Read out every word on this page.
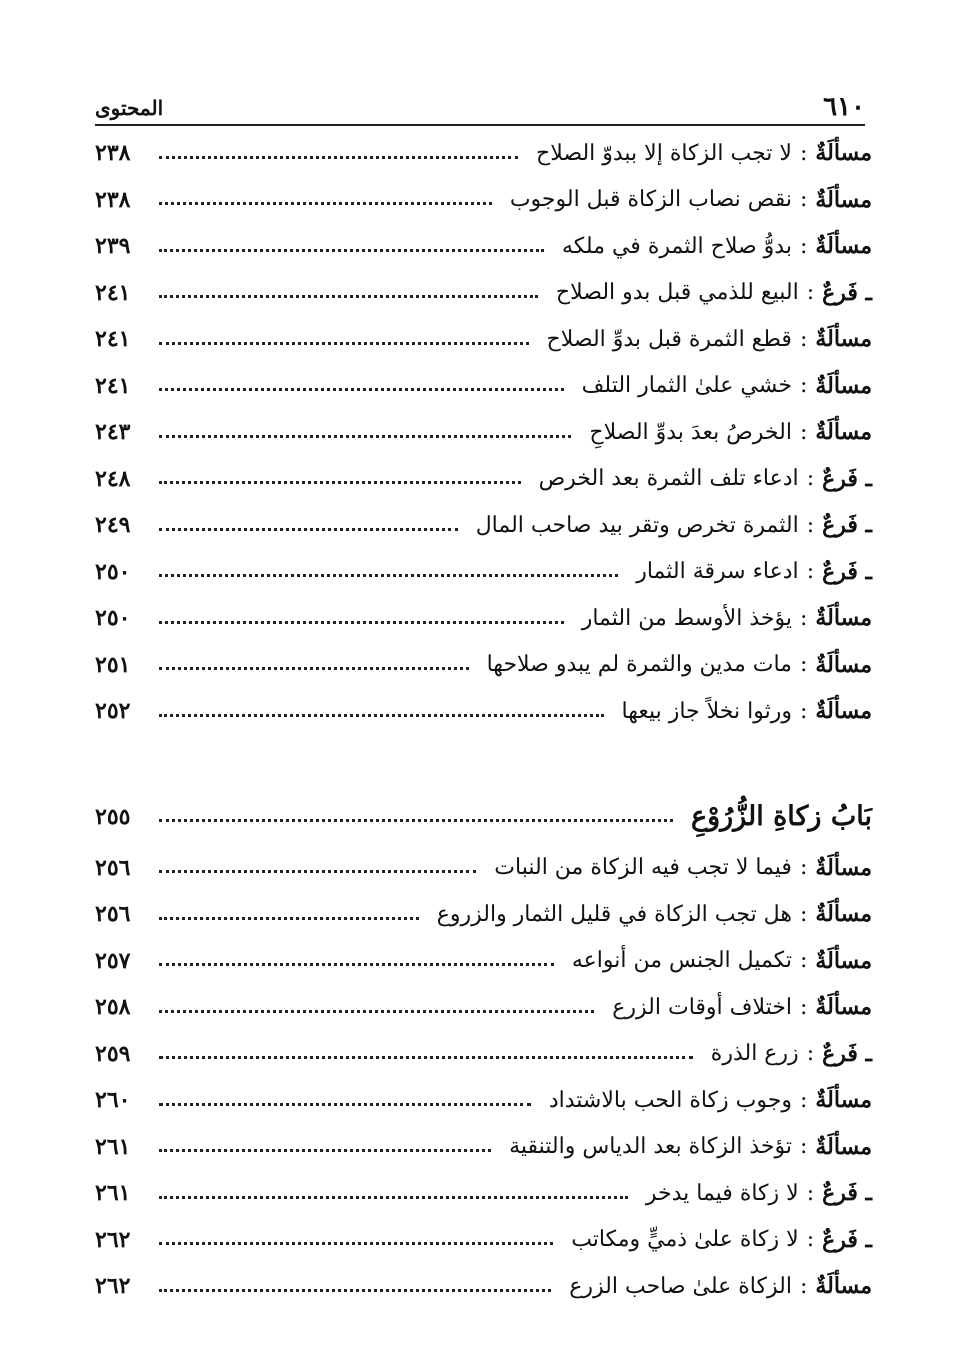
٦١٠
المحتوى
مسألَةٌ
:
لا تجب الزكاة إلا ببدوّ الصلاح
٢٣٨
مسألَةٌ
:
نقص نصاب الزكاة قبل الوجوب
٢٣٨
مسألَةٌ
:
بدوُّ صلاح الثمرة في ملكه
٢٣٩
ـ فَرعٌ
:
البيع للذمي قبل بدو الصلاح
٢٤١
مسألَةٌ
:
قطع الثمرة قبل بدوِّ الصلاح
٢٤١
مسألَةٌ
:
خشي علىٰ الثمار التلف
٢٤١
مسألَةٌ
:
الخرصُ بعدَ بدوِّ الصلاحِ
٢٤٣
ـ فَرعٌ
:
ادعاء تلف الثمرة بعد الخرص
٢٤٨
ـ فَرعٌ
:
الثمرة تخرص وتقر بيد صاحب المال
٢٤٩
ـ فَرعٌ
:
ادعاء سرقة الثمار
٢٥٠
مسألَةٌ
:
يؤخذ الأوسط من الثمار
٢٥٠
مسألَةٌ
:
مات مدين والثمرة لم يبدو صلاحها
٢٥١
مسألَةٌ
:
ورثوا نخلاً جاز بيعها
٢٥٢
بَابُ زكاةِ الزُّرُوْعِ
٢٥٥
مسألَةٌ
:
فيما لا تجب فيه الزكاة من النبات
٢٥٦
مسألَةٌ
:
هل تجب الزكاة في قليل الثمار والزروع
٢٥٦
مسألَةٌ
:
تكميل الجنس من أنواعه
٢٥٧
مسألَةٌ
:
اختلاف أوقات الزرع
٢٥٨
ـ فَرعٌ
:
زرع الذرة
٢٥٩
مسألَةٌ
:
وجوب زكاة الحب بالاشتداد
٢٦٠
مسألَةٌ
:
تؤخذ الزكاة بعد الدياس والتنقية
٢٦١
ـ فَرعٌ
:
لا زكاة فيما يدخر
٢٦١
ـ فَرعٌ
:
لا زكاة علىٰ ذميٍّ ومكاتب
٢٦٢
مسألَةٌ
:
الزكاة علىٰ صاحب الزرع
٢٦٢
